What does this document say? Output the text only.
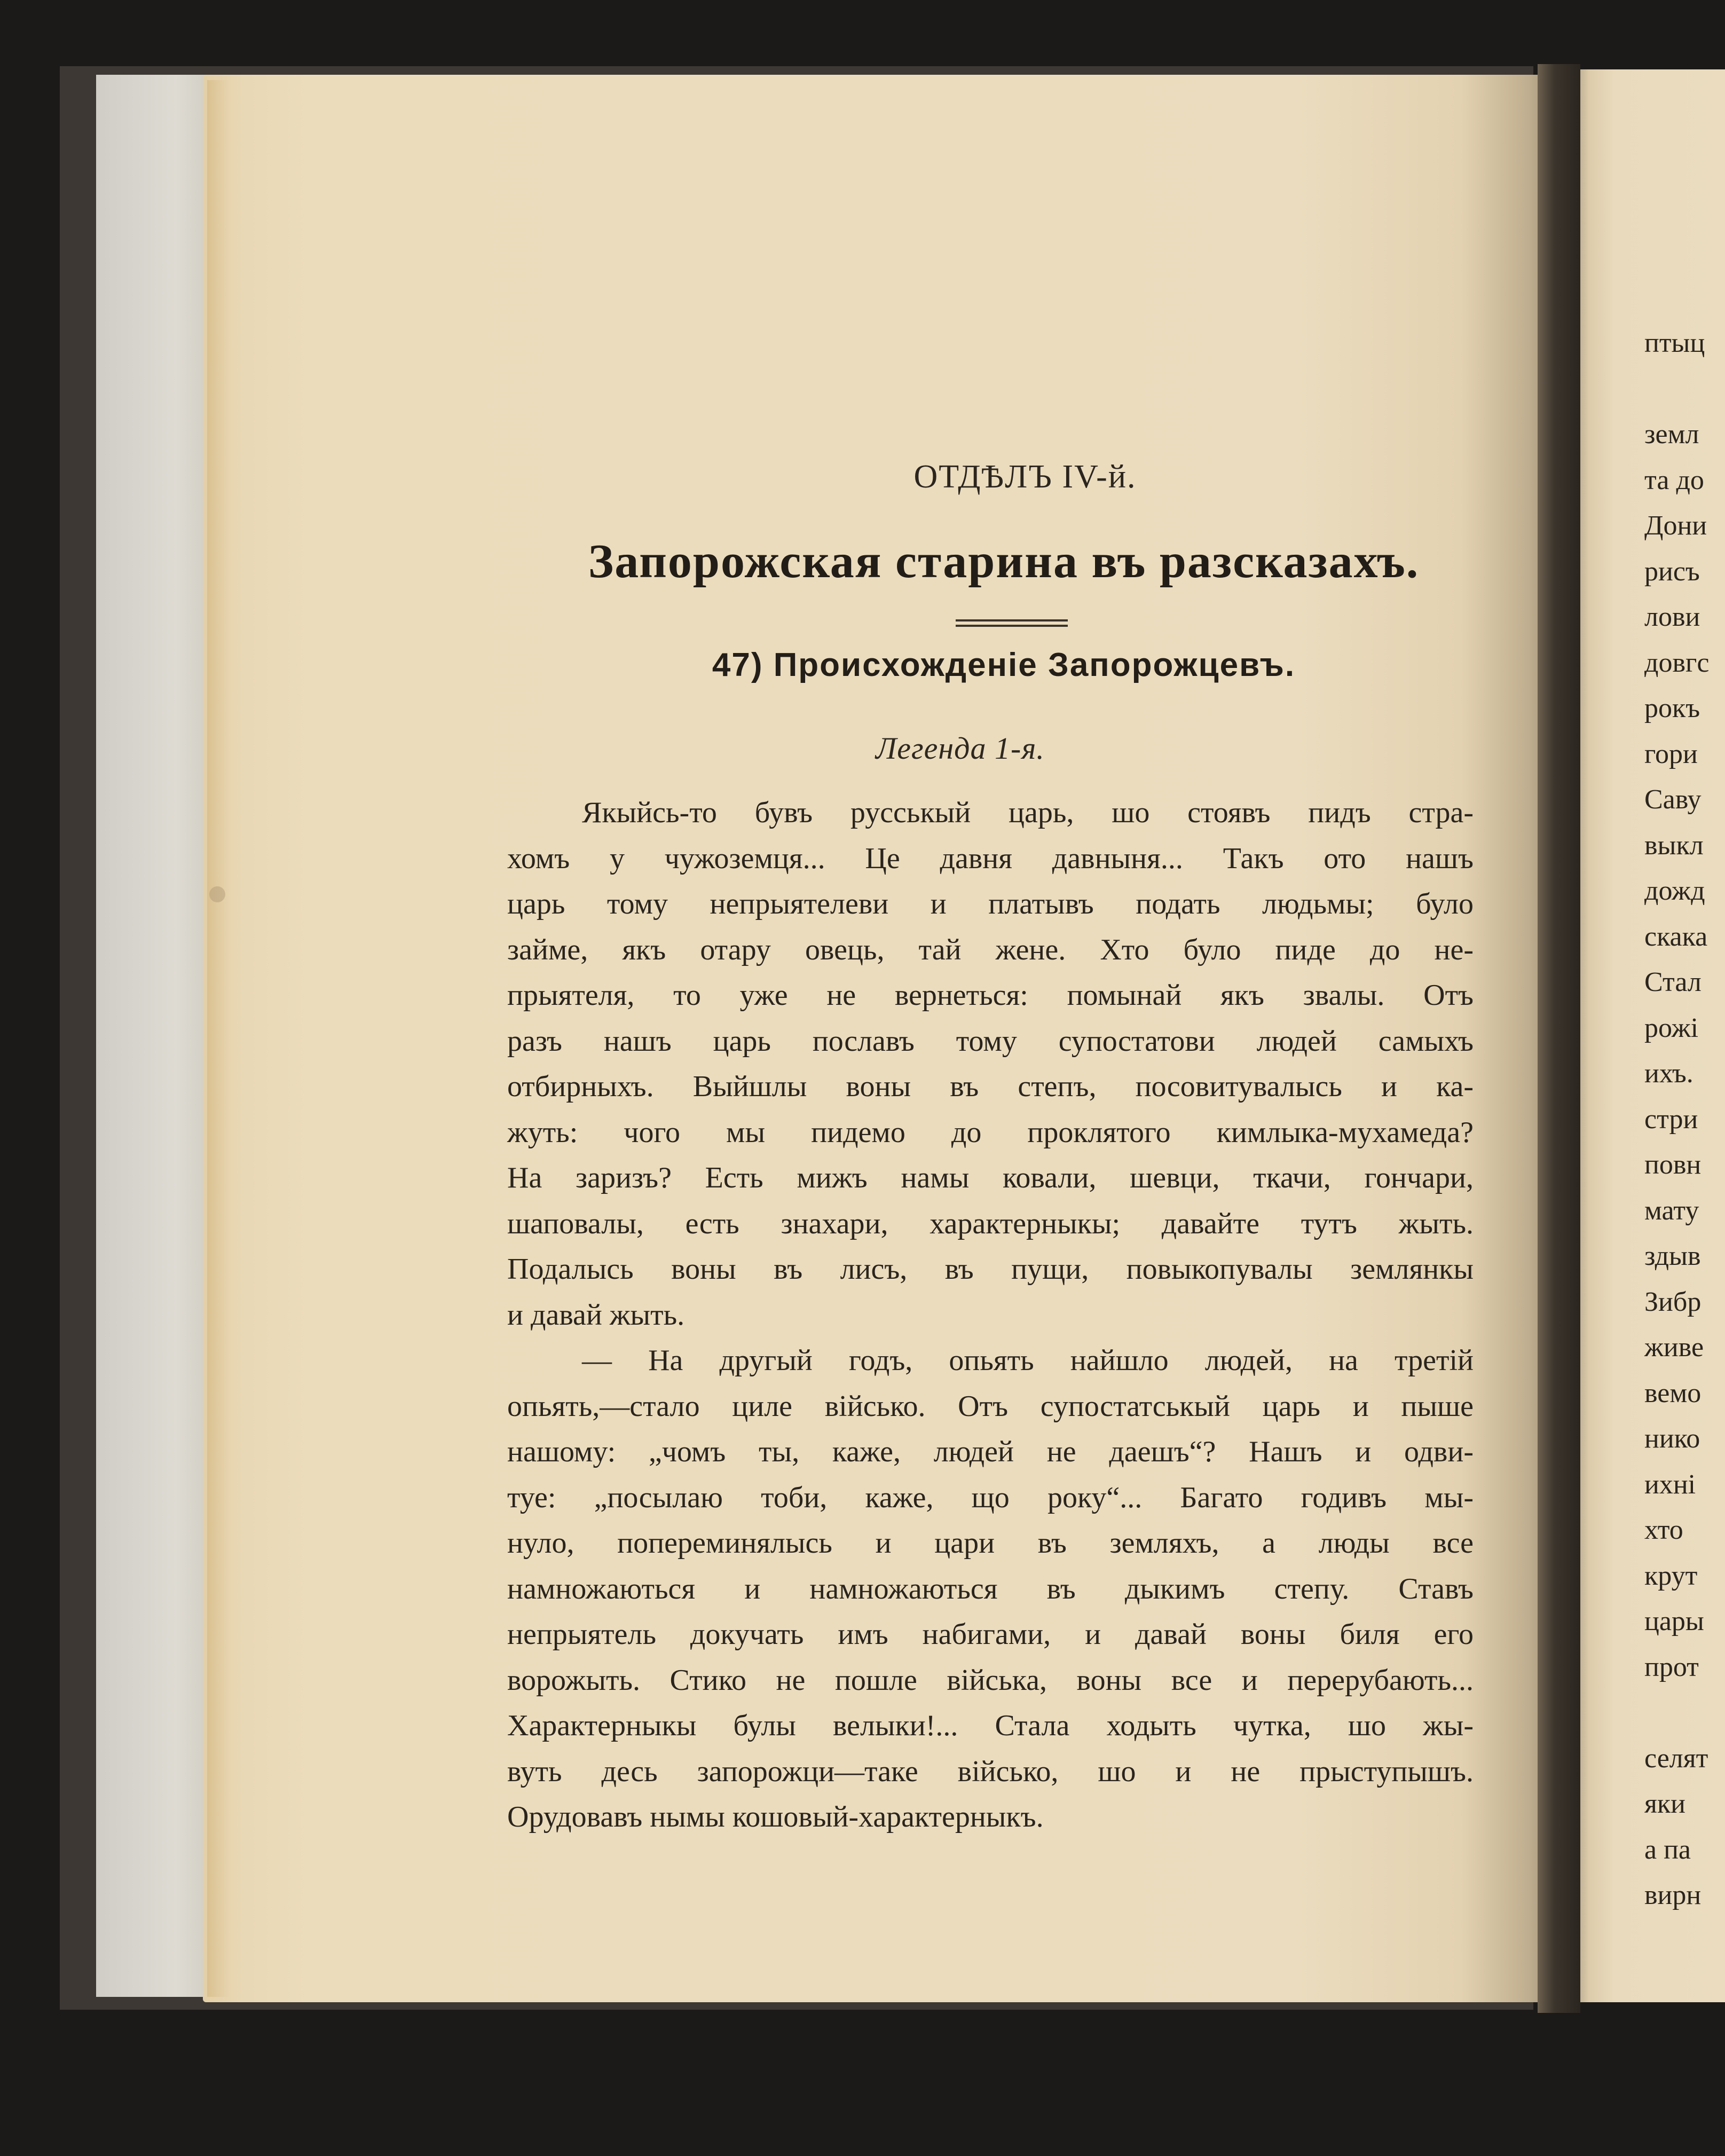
ОТДѢЛЪ IV-й.
Запорожская старина въ разсказахъ.
47) Происхожденіе Запорожцевъ.
Легенда 1-я.
Якыйсь-то бувъ русськый царь, шо стоявъ пидъ стра-
хомъ у чужоземця... Це давня давныня... Такъ ото нашъ
царь тому непрыятелеви и платывъ подать людьмы; було
займе, якъ отару овець, тай жене. Хто було пиде до не-
прыятеля, то уже не вернеться: помынай якъ звалы. Отъ
разъ нашъ царь пославъ тому супостатови людей самыхъ
отбирныхъ. Выйшлы воны въ степъ, посовитувалысь и ка-
жуть: чого мы пидемо до проклятого кимлыка-мухамеда?
На заризъ? Есть мижъ намы ковали, шевци, ткачи, гончари,
шаповалы, есть знахари, характерныкы; давайте тутъ жыть.
Подалысь воны въ лисъ, въ пущи, повыкопувалы землянкы
и давай жыть.
— На другый годъ, опьять найшло людей, на третій
опьять,—стало циле військо. Отъ супостатськый царь и пыше
нашому: „чомъ ты, каже, людей не даешъ“? Нашъ и одви-
туе: „посылаю тоби, каже, що року“... Багато годивъ мы-
нуло, попереминялысь и цари въ земляхъ, а люды все
намножаються и намножаються въ дыкимъ степу. Ставъ
непрыятель докучать имъ набигами, и давай воны биля его
ворожыть. Стико не пошле війська, воны все и перерубають...
Характерныкы булы велыки!... Стала ходыть чутка, шо жы-
вуть десь запорожци—таке військо, шо и не прыступышъ.
Орудовавъ нымы кошовый-характерныкъ.
птыц

земл
та до
Дони
рисъ
лови
довгс
рокъ
гори
Саву
выкл
дожд
скака
Стал
рожі
ихъ.
стри
повн
мату
здыв
Зибр
живе
вемо
нико
ихні
хто
крут
цары
прот

селят
яки
а па
вирн
